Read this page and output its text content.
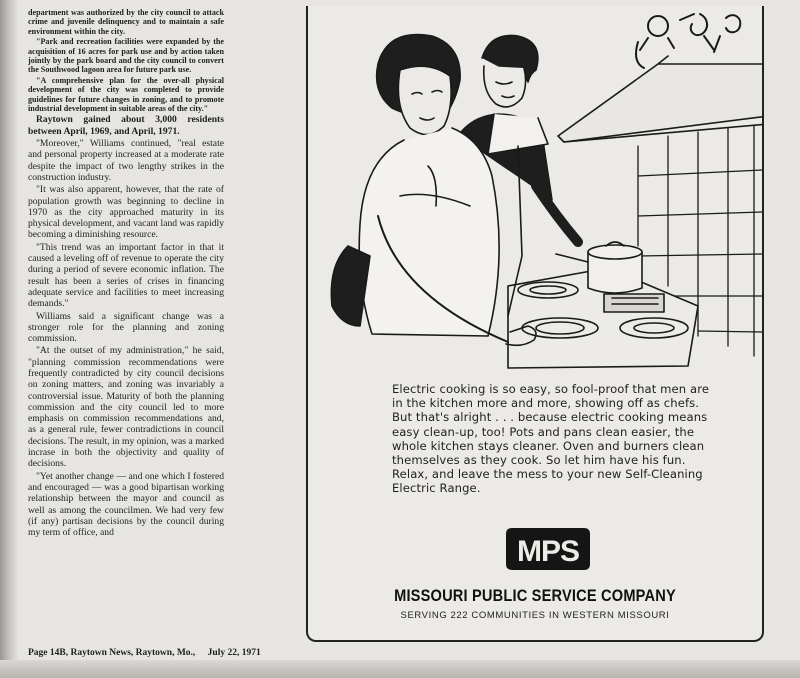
department was authorized by the city council to attack crime and juvenile delinquency and to maintain a safe environment within the city.

"Park and recreation facilities were expanded by the acquisition of 16 acres for park use and by action taken jointly by the park board and the city council to convert the Southwood lagoon area for future park use.

"A comprehensive plan for the over-all physical development of the city was completed to provide guidelines for future changes in zoning, and to promote industrial development in suitable areas of the city."

Raytown gained about 3,000 residents between April, 1969, and April, 1971.

"Moreover," Williams continued, "real estate and personal property increased at a moderate rate despite the impact of two lengthy strikes in the construction industry.

"It was also apparent, however, that the rate of population growth was beginning to decline in 1970 as the city approached maturity in its physical development, and vacant land was rapidly becoming a diminishing resource.

"This trend was an important factor in that it caused a leveling off of revenue to operate the city during a period of severe economic inflation. The result has been a series of crises in financing adequate service and facilities to meet increasing demands."

Williams said a significant change was a stronger role for the planning and zoning commission.

"At the outset of my administration," he said, "planning commission recommendations were frequently contradicted by city council decisions on zoning matters, and zoning was invariably a controversial issue. Maturity of both the planning commission and the city council led to more emphasis on commission recommendations and, as a general rule, fewer contradictions in council decisions. The result, in my opinion, was a marked incrase in both the objectivity and quality of decisions.

"Yet another change — and one which I fostered and encouraged — was a good bipartisan working relationship between the mayor and council as well as among the councilmen. We had very few (if any) partisan decisions by the council during my term of office, and

Page 14B, Raytown News, Raytown, Mo., July 22, 1971
Electric cooking is so easy, so fool-proof that men are in the kitchen more and more, showing off as chefs. But that's alright . . . because electric cooking means easy clean-up, too! Pots and pans clean easier, the whole kitchen stays cleaner. Oven and burners clean themselves as they cook. So let him have his fun. Relax, and leave the mess to your new Self-Cleaning Electric Range.
MPS
MISSOURI PUBLIC SERVICE COMPANY
SERVING 222 COMMUNITIES IN WESTERN MISSOURI
